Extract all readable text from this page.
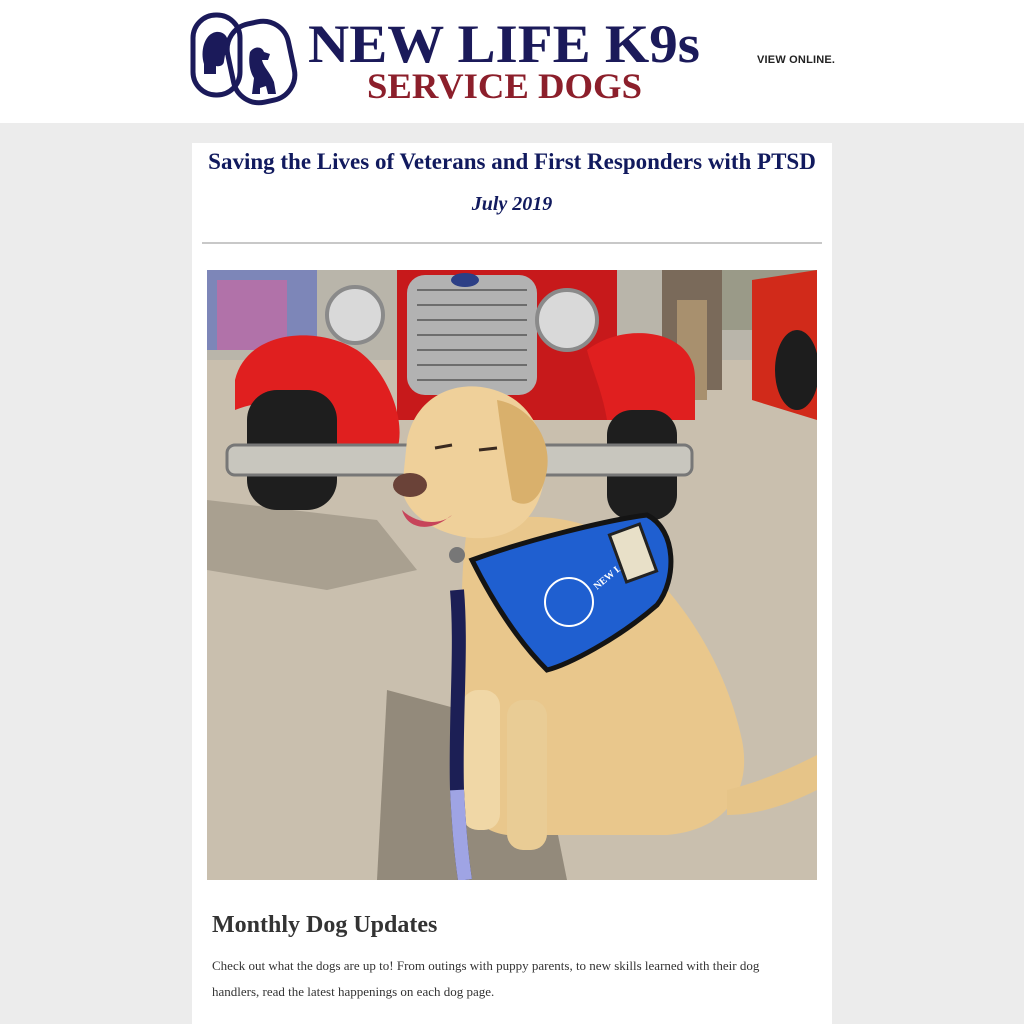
NEW LIFE K9s
SERVICE DOGS
VIEW ONLINE.
Saving the Lives of Veterans and First Responders with PTSD
July 2019
NEW
Monthly Dog Updates

Check out what the dogs are up to! From outings with puppy parents, to new skills learned with their dog handlers, read the latest happenings on each dog page.
